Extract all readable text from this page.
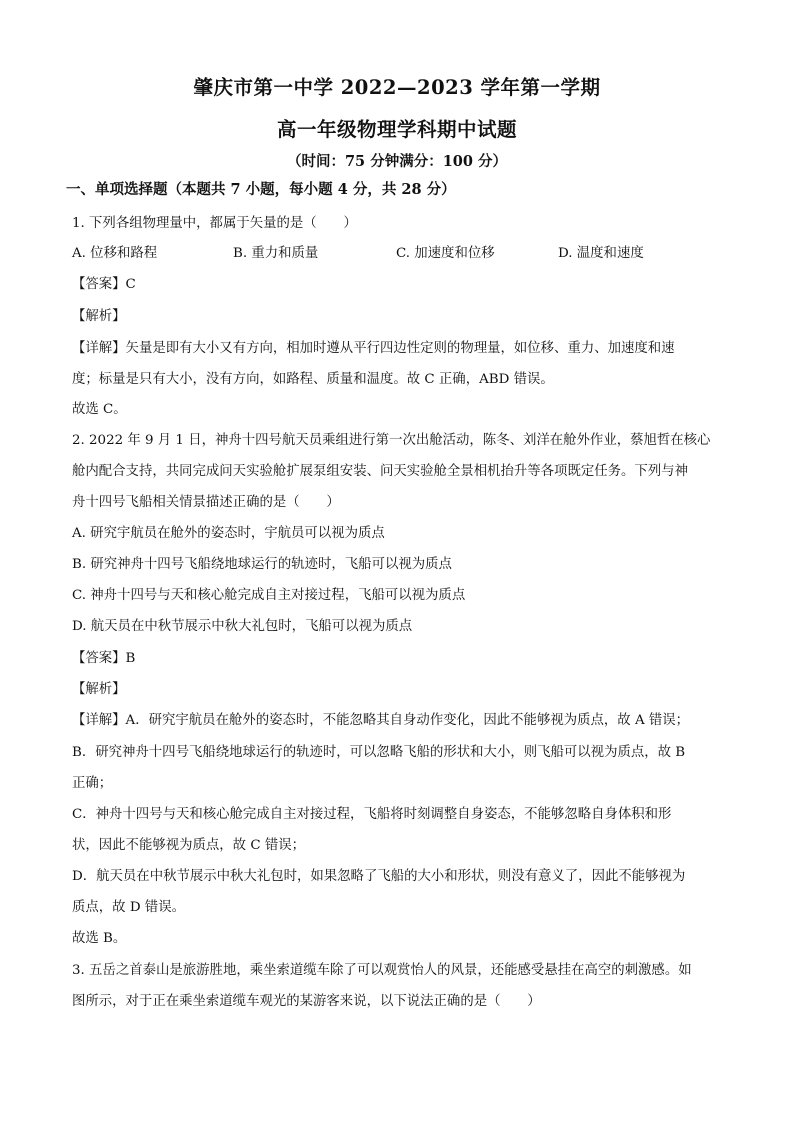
肇庆市第一中学 2022—2023 学年第一学期
高一年级物理学科期中试题
（时间：75 分钟满分：100 分）
一、单项选择题（本题共 7 小题，每小题 4 分，共 28 分）
1. 下列各组物理量中，都属于矢量的是（　　）
A. 位移和路程	B. 重力和质量	C. 加速度和位移	D. 温度和速度
【答案】C
【解析】
【详解】矢量是即有大小又有方向，相加时遵从平行四边性定则的物理量，如位移、重力、加速度和速
度；标量是只有大小，没有方向，如路程、质量和温度。故 C 正确，ABD 错误。
故选 C。
2. 2022 年 9 月 1 日，神舟十四号航天员乘组进行第一次出舱活动，陈冬、刘洋在舱外作业，蔡旭哲在核心
舱内配合支持，共同完成问天实验舱扩展泵组安装、问天实验舱全景相机抬升等各项既定任务。下列与神
舟十四号飞船相关情景描述正确的是（　　）
A. 研究宇航员在舱外的姿态时，宇航员可以视为质点
B. 研究神舟十四号飞船绕地球运行的轨迹时，飞船可以视为质点
C. 神舟十四号与天和核心舱完成自主对接过程，飞船可以视为质点
D. 航天员在中秋节展示中秋大礼包时，飞船可以视为质点
【答案】B
【解析】
【详解】A．研究宇航员在舱外的姿态时，不能忽略其自身动作变化，因此不能够视为质点，故 A 错误；
B．研究神舟十四号飞船绕地球运行的轨迹时，可以忽略飞船的形状和大小，则飞船可以视为质点，故 B
正确；
C．神舟十四号与天和核心舱完成自主对接过程，飞船将时刻调整自身姿态，不能够忽略自身体积和形
状，因此不能够视为质点，故 C 错误；
D．航天员在中秋节展示中秋大礼包时，如果忽略了飞船的大小和形状，则没有意义了，因此不能够视为
质点，故 D 错误。
故选 B。
3. 五岳之首泰山是旅游胜地，乘坐索道缆车除了可以观赏怡人的风景，还能感受悬挂在高空的刺激感。如
图所示，对于正在乘坐索道缆车观光的某游客来说，以下说法正确的是（　　）
